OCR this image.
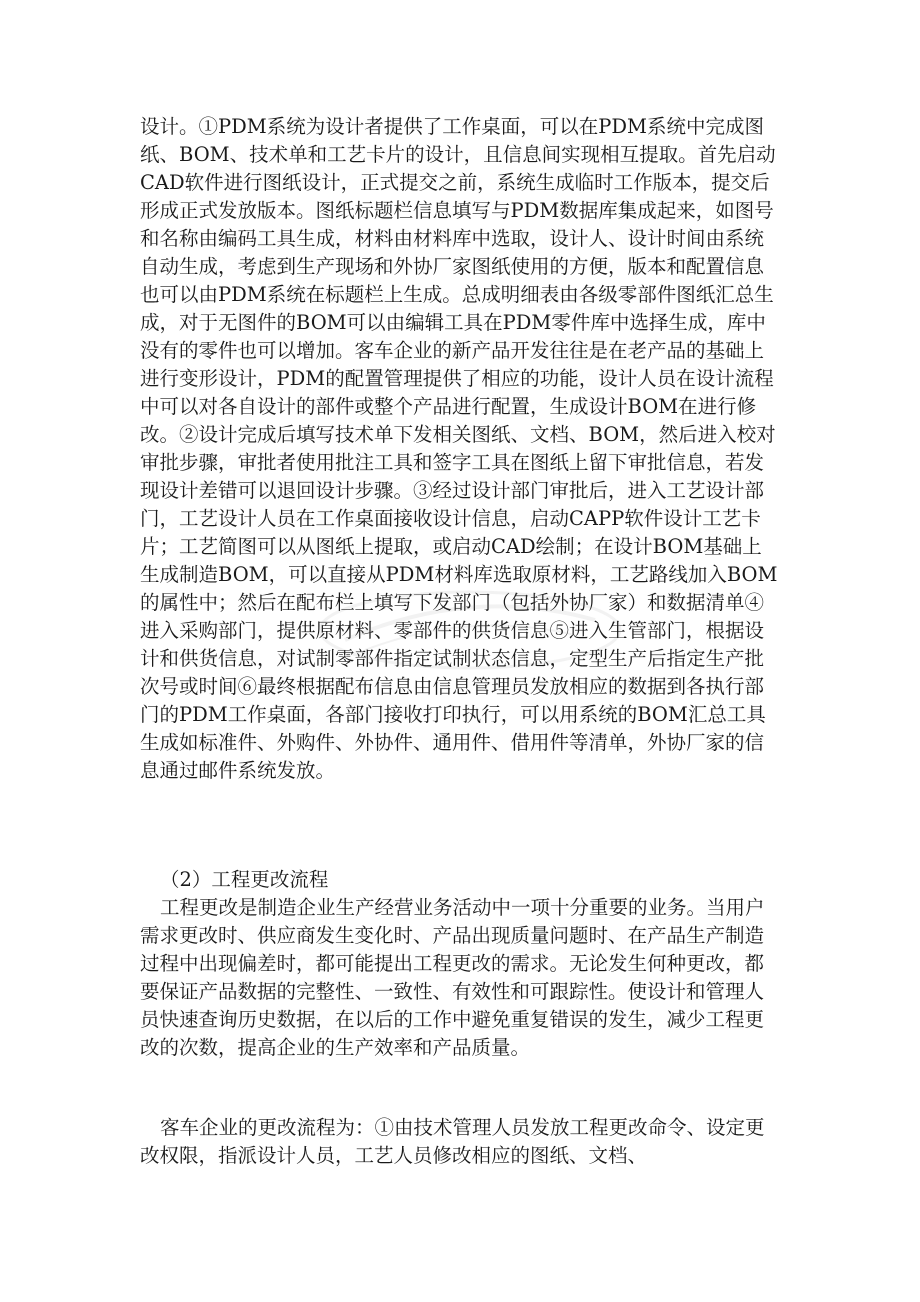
设计。①PDM系统为设计者提供了工作桌面，可以在PDM系统中完成图纸、BOM、技术单和工艺卡片的设计，且信息间实现相互提取。首先启动CAD软件进行图纸设计，正式提交之前，系统生成临时工作版本，提交后形成正式发放版本。图纸标题栏信息填写与PDM数据库集成起来，如图号和名称由编码工具生成，材料由材料库中选取，设计人、设计时间由系统自动生成，考虑到生产现场和外协厂家图纸使用的方便，版本和配置信息也可以由PDM系统在标题栏上生成。总成明细表由各级零部件图纸汇总生成，对于无图件的BOM可以由编辑工具在PDM零件库中选择生成，库中没有的零件也可以增加。客车企业的新产品开发往往是在老产品的基础上进行变形设计，PDM的配置管理提供了相应的功能，设计人员在设计流程中可以对各自设计的部件或整个产品进行配置，生成设计BOM在进行修改。②设计完成后填写技术单下发相关图纸、文档、BOM，然后进入校对审批步骤，审批者使用批注工具和签字工具在图纸上留下审批信息，若发现设计差错可以退回设计步骤。③经过设计部门审批后，进入工艺设计部门，工艺设计人员在工作桌面接收设计信息，启动CAPP软件设计工艺卡片；工艺简图可以从图纸上提取，或启动CAD绘制；在设计BOM基础上生成制造BOM，可以直接从PDM材料库选取原材料，工艺路线加入BOM的属性中；然后在配布栏上填写下发部门（包括外协厂家）和数据清单④进入采购部门，提供原材料、零部件的供货信息⑤进入生管部门，根据设计和供货信息，对试制零部件指定试制状态信息，定型生产后指定生产批次号或时间⑥最终根据配布信息由信息管理员发放相应的数据到各执行部门的PDM工作桌面，各部门接收打印执行，可以用系统的BOM汇总工具生成如标准件、外购件、外协件、通用件、借用件等清单，外协厂家的信息通过邮件系统发放。

（2）工程更改流程

工程更改是制造企业生产经营业务活动中一项十分重要的业务。当用户需求更改时、供应商发生变化时、产品出现质量问题时、在产品生产制造过程中出现偏差时，都可能提出工程更改的需求。无论发生何种更改，都要保证产品数据的完整性、一致性、有效性和可跟踪性。使设计和管理人员快速查询历史数据，在以后的工作中避免重复错误的发生，减少工程更改的次数，提高企业的生产效率和产品质量。

客车企业的更改流程为：①由技术管理人员发放工程更改命令、设定更改权限，指派设计人员，工艺人员修改相应的图纸、文档、
